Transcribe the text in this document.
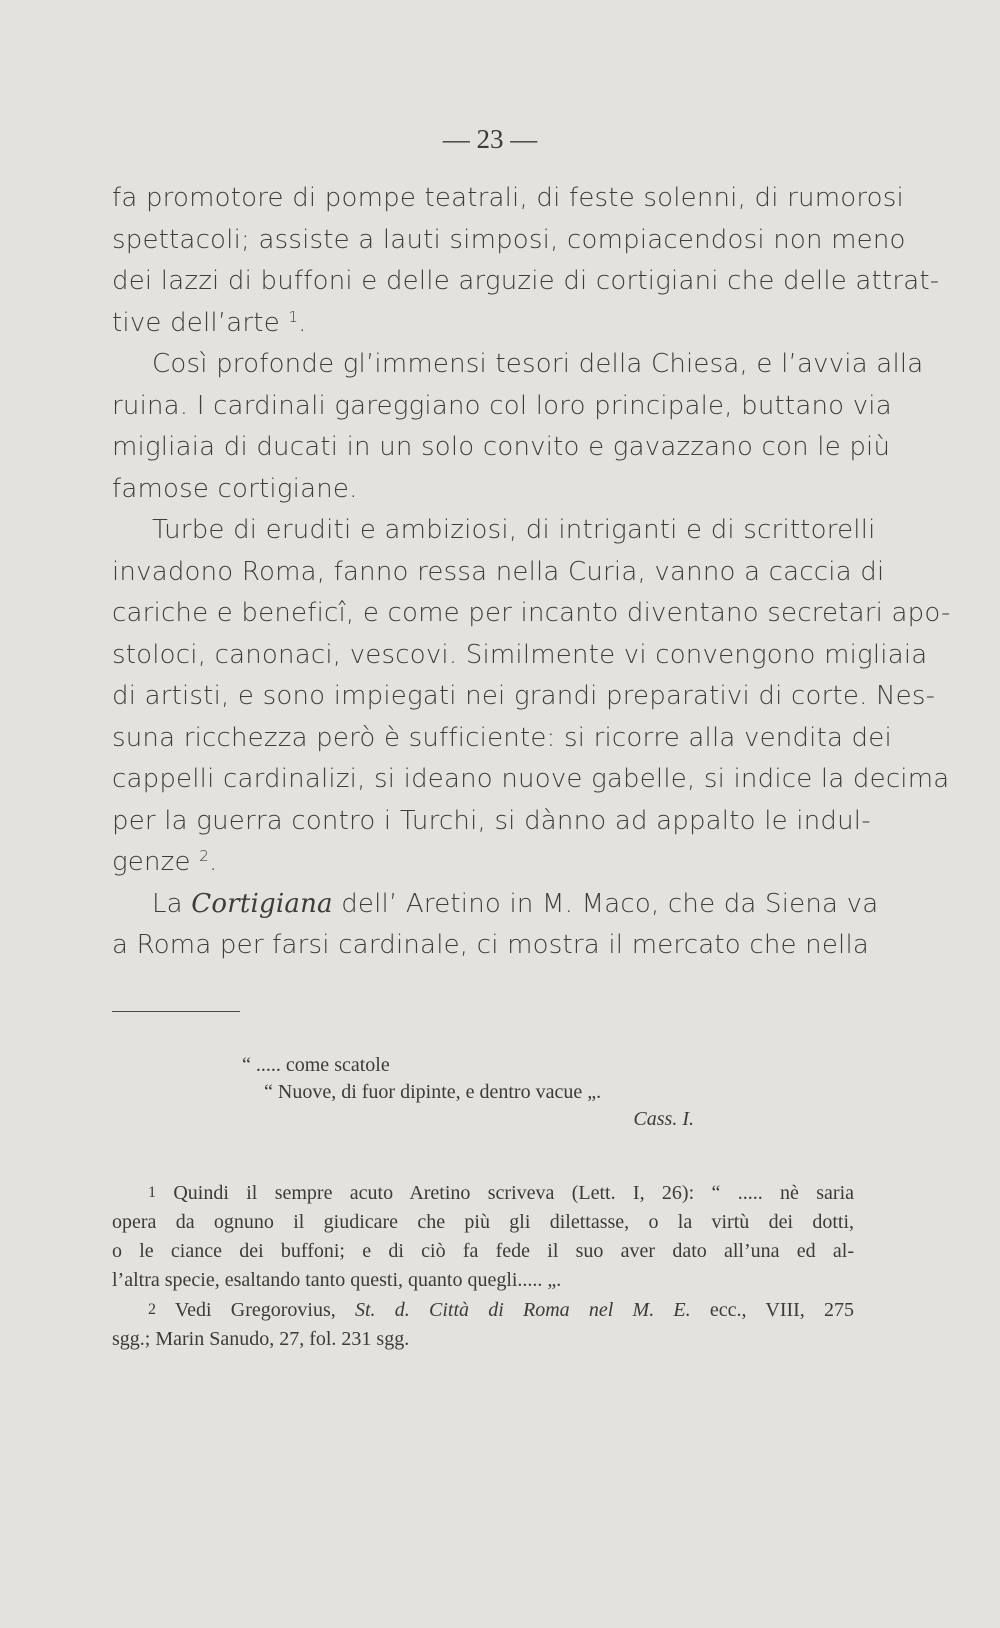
— 23 —
fa promotore di pompe teatrali, di feste solenni, di rumorosi
spettacoli; assiste a lauti simposi, compiacendosi non meno
dei lazzi di buffoni e delle arguzie di cortigiani che delle attrat-
tive dell’arte $^1$.
Così profonde gl’immensi tesori della Chiesa, e l’avvia alla
ruina. I cardinali gareggiano col loro principale, buttano via
migliaia di ducati in un solo convito e gavazzano con le più
famose cortigiane.
Turbe di eruditi e ambiziosi, di intriganti e di scrittorelli
invadono Roma, fanno ressa nella Curia, vanno a caccia di
cariche e beneficî, e come per incanto diventano secretari apo-
stoloci, canonaci, vescovi. Similmente vi convengono migliaia
di artisti, e sono impiegati nei grandi preparativi di corte. Nes-
suna ricchezza però è sufficiente: si ricorre alla vendita dei
cappelli cardinalizi, si ideano nuove gabelle, si indice la decima
per la guerra contro i Turchi, si dànno ad appalto le indul-
genze $^2$.
La Cortigiana dell’ Aretino in M. Maco, che da Siena va
a Roma per farsi cardinale, ci mostra il mercato che nella
“ ..... come scatole
“ Nuove, di fuor dipinte, e dentro vacue „.
Cass. I.
1 Quindi il sempre acuto Aretino scriveva (Lett. I, 26): “ ..... nè saria
opera da ognuno il giudicare che più gli dilettasse, o la virtù dei dotti,
o le ciance dei buffoni; e di ciò fa fede il suo aver dato all’una ed al-
l’altra specie, esaltando tanto questi, quanto quegli..... „.
2 Vedi Gregorovius, St. d. Città di Roma nel M. E. ecc., VIII, 275
sgg.; Marin Sanudo, 27, fol. 231 sgg.
